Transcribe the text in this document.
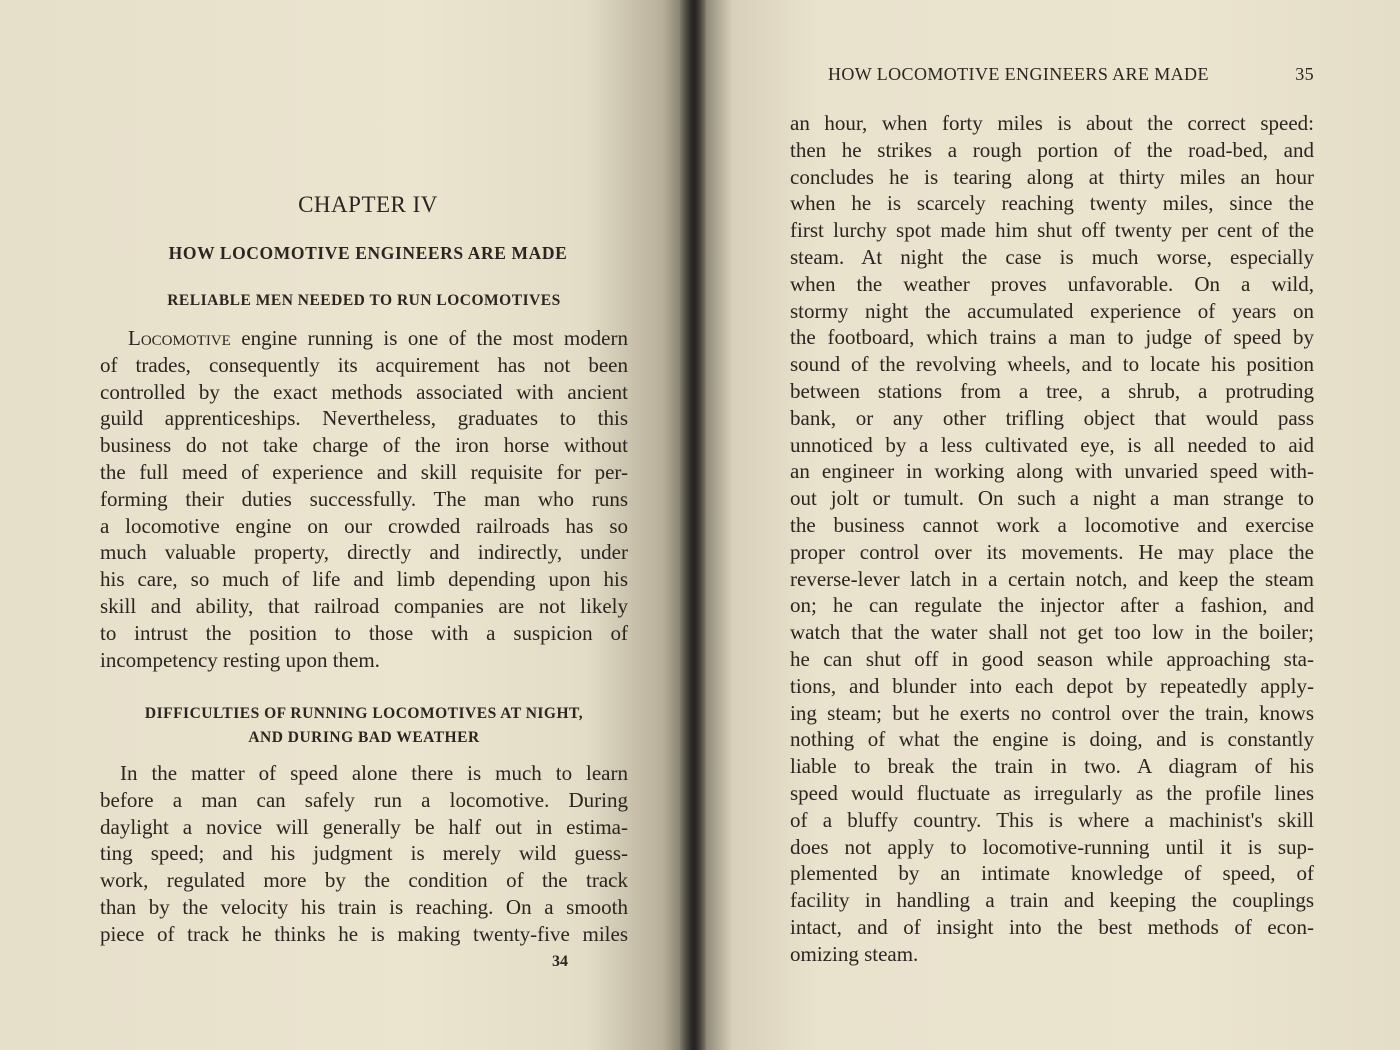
CHAPTER IV
HOW LOCOMOTIVE ENGINEERS ARE MADE
RELIABLE MEN NEEDED TO RUN LOCOMOTIVES
Locomotive engine running is one of the most modern
of trades, consequently its acquirement has not been
controlled by the exact methods associated with ancient
guild apprenticeships. Nevertheless, graduates to this
business do not take charge of the iron horse without
the full meed of experience and skill requisite for per-
forming their duties successfully. The man who runs
a locomotive engine on our crowded railroads has so
much valuable property, directly and indirectly, under
his care, so much of life and limb depending upon his
skill and ability, that railroad companies are not likely
to intrust the position to those with a suspicion of
incompetency resting upon them.
DIFFICULTIES OF RUNNING LOCOMOTIVES AT NIGHT,
AND DURING BAD WEATHER
In the matter of speed alone there is much to learn
before a man can safely run a locomotive. During
daylight a novice will generally be half out in estima-
ting speed; and his judgment is merely wild guess-
work, regulated more by the condition of the track
than by the velocity his train is reaching. On a smooth
piece of track he thinks he is making twenty-five miles
34
HOW LOCOMOTIVE ENGINEERS ARE MADE	35
an hour, when forty miles is about the correct speed:
then he strikes a rough portion of the road-bed, and
concludes he is tearing along at thirty miles an hour
when he is scarcely reaching twenty miles, since the
first lurchy spot made him shut off twenty per cent of the
steam. At night the case is much worse, especially
when the weather proves unfavorable. On a wild,
stormy night the accumulated experience of years on
the footboard, which trains a man to judge of speed by
sound of the revolving wheels, and to locate his position
between stations from a tree, a shrub, a protruding
bank, or any other trifling object that would pass
unnoticed by a less cultivated eye, is all needed to aid
an engineer in working along with unvaried speed with-
out jolt or tumult. On such a night a man strange to
the business cannot work a locomotive and exercise
proper control over its movements. He may place the
reverse-lever latch in a certain notch, and keep the steam
on; he can regulate the injector after a fashion, and
watch that the water shall not get too low in the boiler;
he can shut off in good season while approaching sta-
tions, and blunder into each depot by repeatedly apply-
ing steam; but he exerts no control over the train, knows
nothing of what the engine is doing, and is constantly
liable to break the train in two. A diagram of his
speed would fluctuate as irregularly as the profile lines
of a bluffy country. This is where a machinist's skill
does not apply to locomotive-running until it is sup-
plemented by an intimate knowledge of speed, of
facility in handling a train and keeping the couplings
intact, and of insight into the best methods of econ-
omizing steam.
